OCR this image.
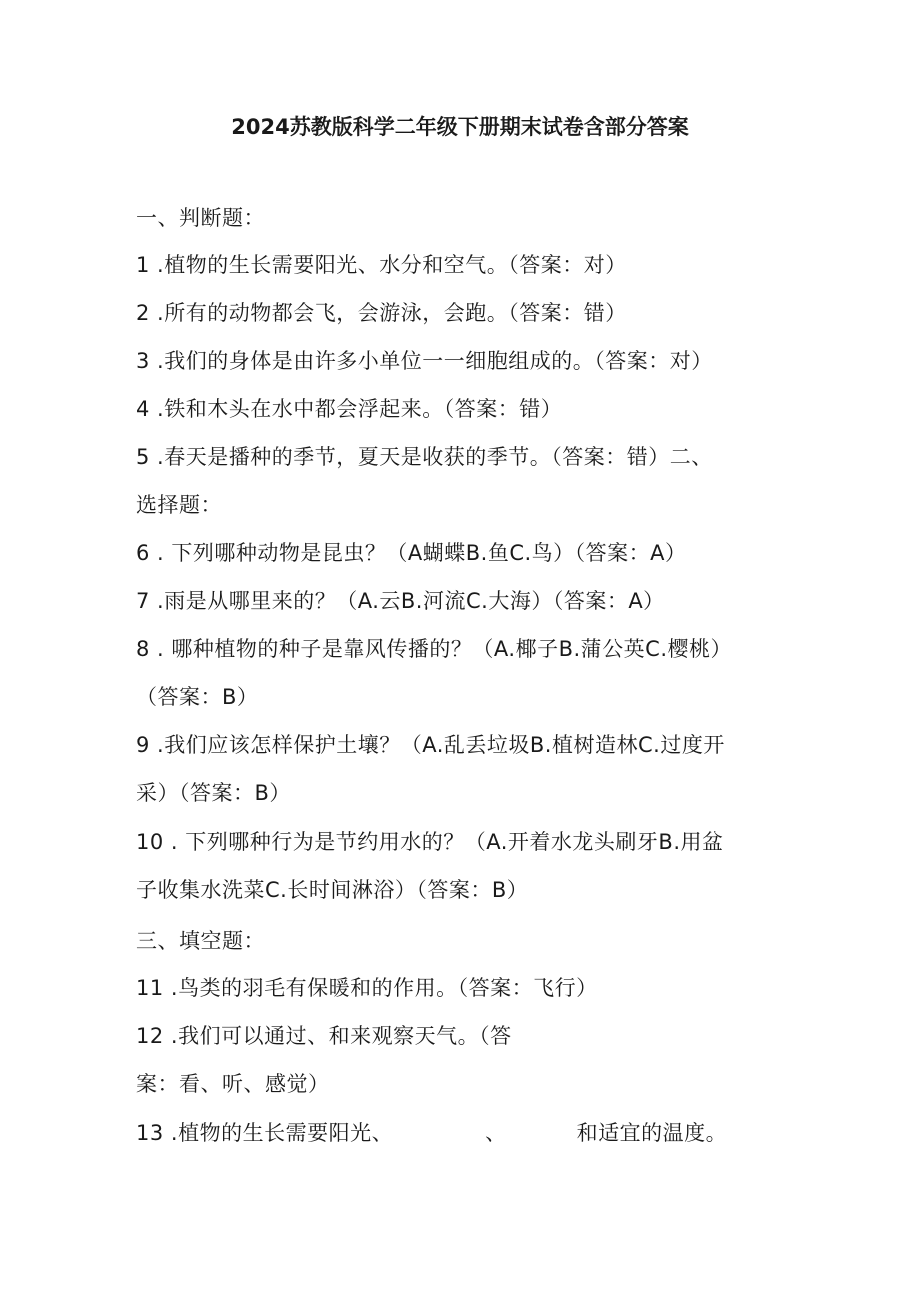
2024苏教版科学二年级下册期末试卷含部分答案
一、判断题：
1 .植物的生长需要阳光、水分和空气。（答案：对）
2 .所有的动物都会飞，会游泳，会跑。（答案：错）
3 .我们的身体是由许多小单位一一细胞组成的。（答案：对）
4 .铁和木头在水中都会浮起来。（答案：错）
5 .春天是播种的季节，夏天是收获的季节。（答案：错）二、
选择题：
6 . 下列哪种动物是昆虫？（A蝴蝶B.鱼C.鸟）（答案：A）
7 .雨是从哪里来的？（A.云B.河流C.大海）（答案：A）
8 . 哪种植物的种子是靠风传播的？（A.椰子B.蒲公英C.樱桃）
（答案：B）
9 .我们应该怎样保护土壤？（A.乱丢垃圾B.植树造林C.过度开
采）（答案：B）
10 . 下列哪种行为是节约用水的？（A.开着水龙头刷牙B.用盆
子收集水洗菜C.长时间淋浴）（答案：B）
三、填空题：
11 .鸟类的羽毛有保暖和的作用。（答案：飞行）
12 .我们可以通过、和来观察天气。（答
案：看、听、感觉）
13 .植物的生长需要阳光、	、	和适宜的温度。
